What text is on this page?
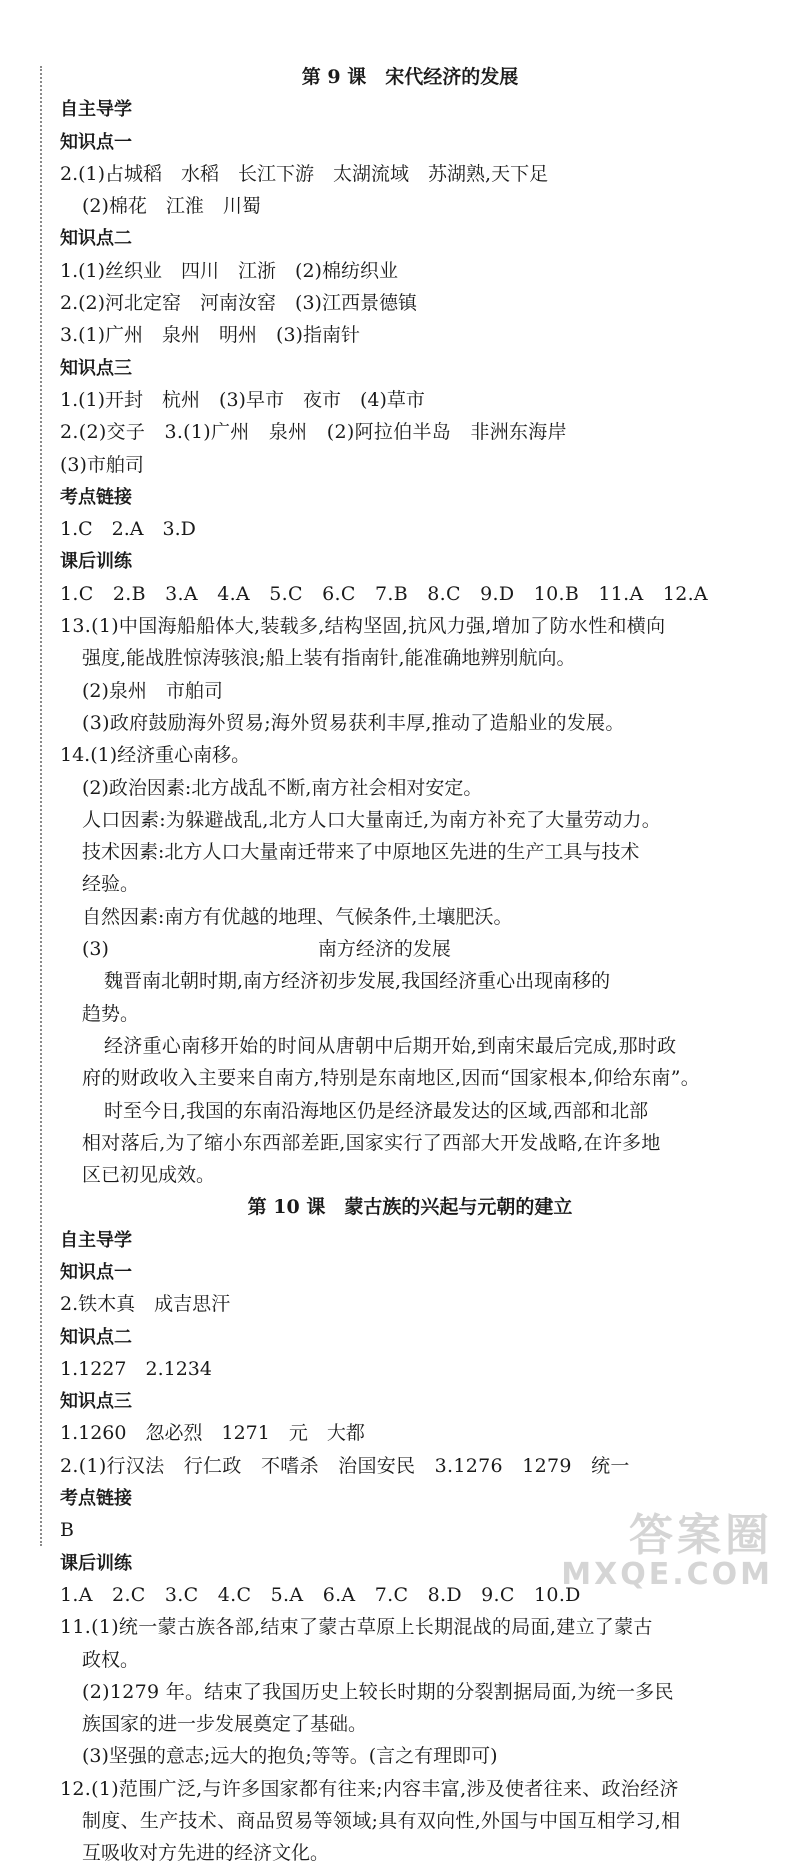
第 9 课　宋代经济的发展
自主导学
知识点一
2.(1)占城稻　水稻　长江下游　太湖流域　苏湖熟,天下足
(2)棉花　江淮　川蜀
知识点二
1.(1)丝织业　四川　江浙　(2)棉纺织业
2.(2)河北定窑　河南汝窑　(3)江西景德镇
3.(1)广州　泉州　明州　(3)指南针
知识点三
1.(1)开封　杭州　(3)早市　夜市　(4)草市
2.(2)交子　3.(1)广州　泉州　(2)阿拉伯半岛　非洲东海岸
(3)市舶司
考点链接
1.C　2.A　3.D
课后训练
1.C　2.B　3.A　4.A　5.C　6.C　7.B　8.C　9.D　10.B　11.A　12.A
13.(1)中国海船船体大,装载多,结构坚固,抗风力强,增加了防水性和横向
强度,能战胜惊涛骇浪;船上装有指南针,能准确地辨别航向。
(2)泉州　市舶司
(3)政府鼓励海外贸易;海外贸易获利丰厚,推动了造船业的发展。
14.(1)经济重心南移。
(2)政治因素:北方战乱不断,南方社会相对安定。
人口因素:为躲避战乱,北方人口大量南迁,为南方补充了大量劳动力。
技术因素:北方人口大量南迁带来了中原地区先进的生产工具与技术
经验。
自然因素:南方有优越的地理、气候条件,土壤肥沃。
(3)　　　　　　　　　　　南方经济的发展
魏晋南北朝时期,南方经济初步发展,我国经济重心出现南移的
趋势。
经济重心南移开始的时间从唐朝中后期开始,到南宋最后完成,那时政
府的财政收入主要来自南方,特别是东南地区,因而“国家根本,仰给东南”。
时至今日,我国的东南沿海地区仍是经济最发达的区域,西部和北部
相对落后,为了缩小东西部差距,国家实行了西部大开发战略,在许多地
区已初见成效。
第 10 课　蒙古族的兴起与元朝的建立
自主导学
知识点一
2.铁木真　成吉思汗
知识点二
1.1227　2.1234
知识点三
1.1260　忽必烈　1271　元　大都
2.(1)行汉法　行仁政　不嗜杀　治国安民　3.1276　1279　统一
考点链接
B
课后训练
1.A　2.C　3.C　4.C　5.A　6.A　7.C　8.D　9.C　10.D
11.(1)统一蒙古族各部,结束了蒙古草原上长期混战的局面,建立了蒙古
政权。
(2)1279 年。结束了我国历史上较长时期的分裂割据局面,为统一多民
族国家的进一步发展奠定了基础。
(3)坚强的意志;远大的抱负;等等。(言之有理即可)
12.(1)范围广泛,与许多国家都有往来;内容丰富,涉及使者往来、政治经济
制度、生产技术、商品贸易等领域;具有双向性,外国与中国互相学习,相
互吸收对方先进的经济文化。
答案圈
MXQE.COM
